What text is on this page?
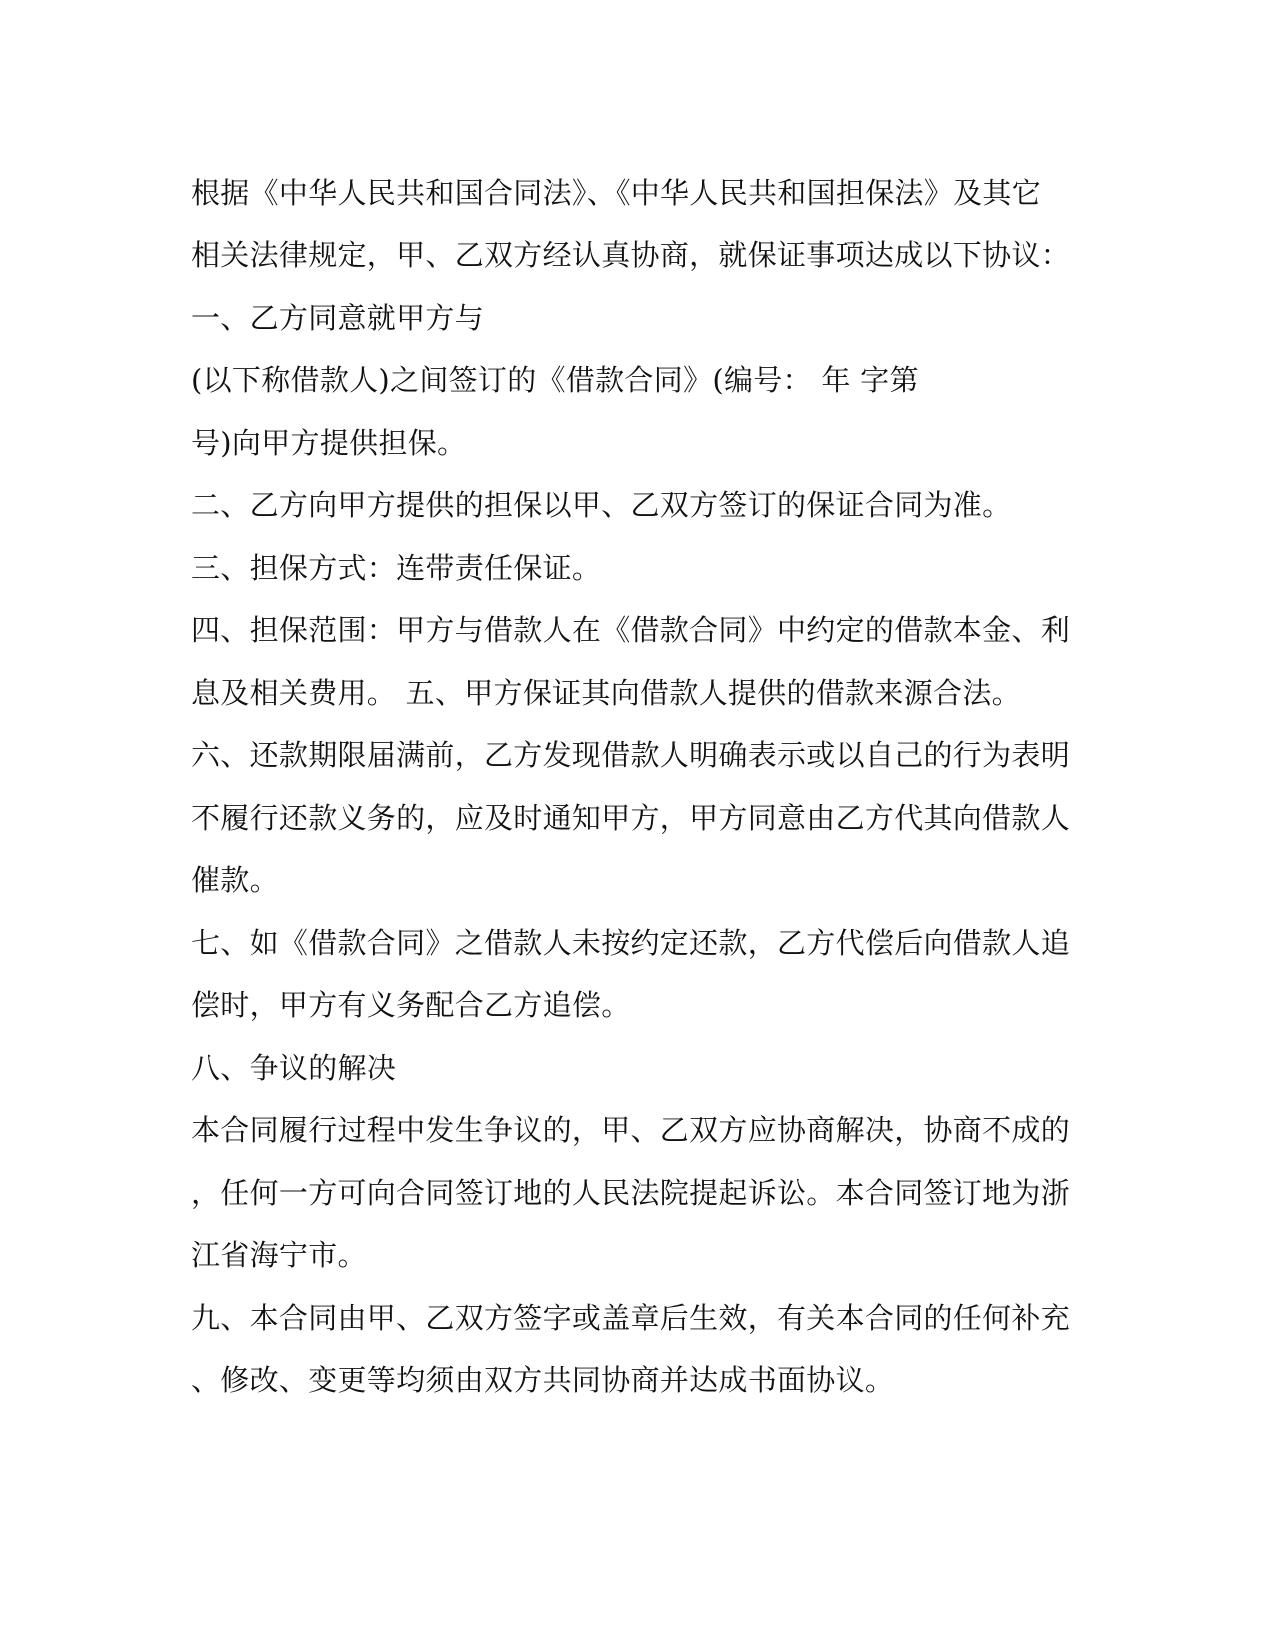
根据《中华人民共和国合同法》、《中华人民共和国担保法》及其它
相关法律规定，甲、乙双方经认真协商，就保证事项达成以下协议：
一、乙方同意就甲方与
(以下称借款人)之间签订的《借款合同》(编号： 年 字第
号)向甲方提供担保。
二、乙方向甲方提供的担保以甲、乙双方签订的保证合同为准。
三、担保方式：连带责任保证。
四、担保范围：甲方与借款人在《借款合同》中约定的借款本金、利
息及相关费用。 五、甲方保证其向借款人提供的借款来源合法。
六、还款期限届满前，乙方发现借款人明确表示或以自己的行为表明
不履行还款义务的，应及时通知甲方，甲方同意由乙方代其向借款人
催款。
七、如《借款合同》之借款人未按约定还款，乙方代偿后向借款人追
偿时，甲方有义务配合乙方追偿。
八、争议的解决
本合同履行过程中发生争议的，甲、乙双方应协商解决，协商不成的
，任何一方可向合同签订地的人民法院提起诉讼。本合同签订地为浙
江省海宁市。
九、本合同由甲、乙双方签字或盖章后生效，有关本合同的任何补充
、修改、变更等均须由双方共同协商并达成书面协议。
